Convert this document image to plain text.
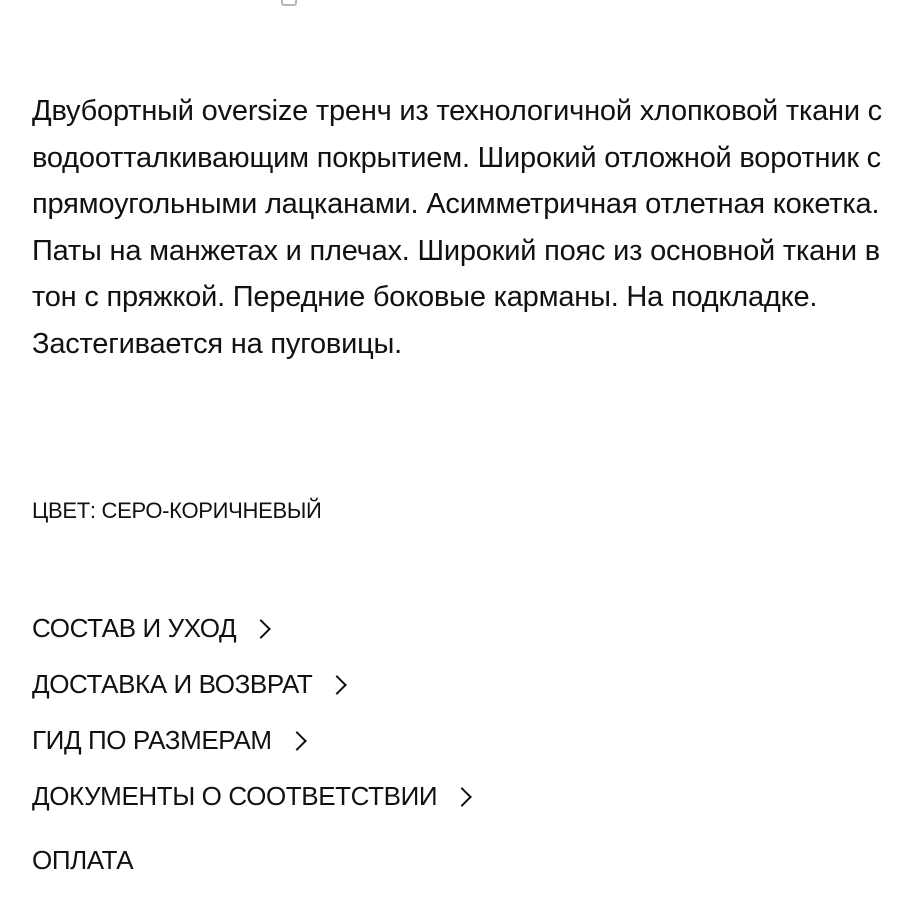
Двубортный oversize тренч из технологичной хлопковой ткани с водоотталкивающим покрытием. Широкий отложной воротник с прямоугольными лацканами. Асимметричная отлетная кокетка. Паты на манжетах и плечах. Широкий пояс из основной ткани в тон с пряжкой. Передние боковые карманы. На подкладке. Застегивается на пуговицы.

ЦВЕТ: СЕРО-КОРИЧНЕВЫЙ

СОСТАВ И УХОД
ДОСТАВКА И ВОЗВРАТ
ГИД ПО РАЗМЕРАМ
ДОКУМЕНТЫ О СООТВЕТСТВИИ

ОПЛАТА
